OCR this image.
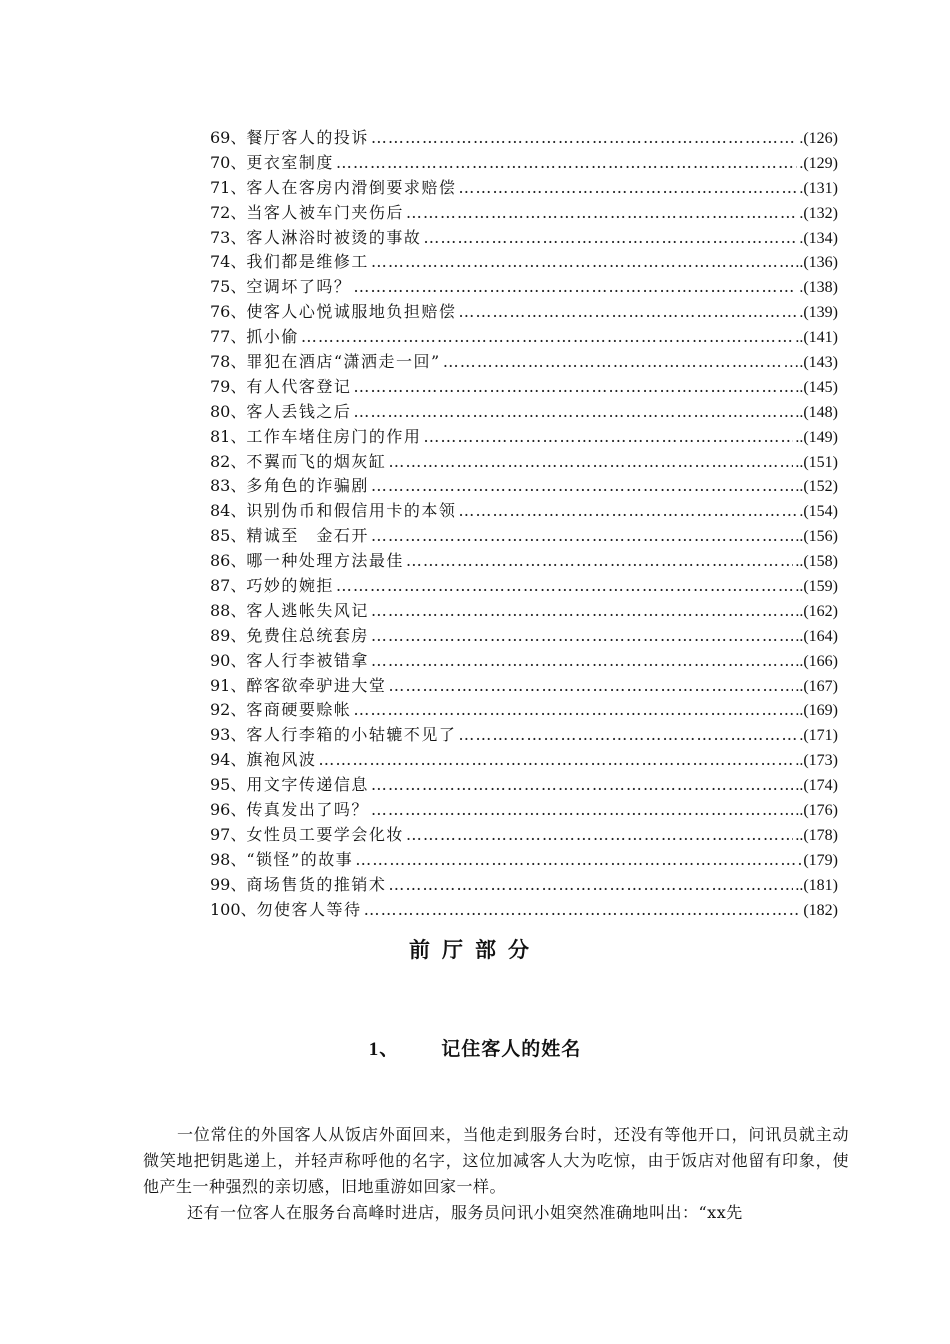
69、 餐厅客人的投诉 ……………………………………………………………………………………………………………………………………………………………	.(126)
70、 更衣室制度 ……………………………………………………………………………………………………………………………………………………………	.(129)
71、 客人在客房内滑倒要求赔偿 ……………………………………………………………………………………………………………………………………………………………	.(131)
72、 当客人被车门夹伤后 ……………………………………………………………………………………………………………………………………………………………	.(132)
73、 客人淋浴时被烫的事故 ……………………………………………………………………………………………………………………………………………………………	.(134)
74、 我们都是维修工 ……………………………………………………………………………………………………………………………………………………………	..(136)
75、 空调坏了吗？ ……………………………………………………………………………………………………………………………………………………………	.(138)
76、 使客人心悦诚服地负担赔偿 ……………………………………………………………………………………………………………………………………………………………	.(139)
77、 抓小偷 ……………………………………………………………………………………………………………………………………………………………	..(141)
78、 罪犯在酒店“潇洒走一回” ……………………………………………………………………………………………………………………………………………………………	….(143)
79、 有人代客登记 ……………………………………………………………………………………………………………………………………………………………	..(145)
80、 客人丢钱之后 ……………………………………………………………………………………………………………………………………………………………	..(148)
81、 工作车堵住房门的作用 ……………………………………………………………………………………………………………………………………………………………	..(149)
82、 不翼而飞的烟灰缸 ……………………………………………………………………………………………………………………………………………………………	..(151)
83、 多角色的诈骗剧 ……………………………………………………………………………………………………………………………………………………………	..(152)
84、 识别伪币和假信用卡的本领 ……………………………………………………………………………………………………………………………………………………………	.(154)
85、 精诚至　金石开 ……………………………………………………………………………………………………………………………………………………………	..(156)
86、 哪一种处理方法最佳 ……………………………………………………………………………………………………………………………………………………………	..(158)
87、 巧妙的婉拒 ……………………………………………………………………………………………………………………………………………………………	..(159)
88、 客人逃帐失风记 ……………………………………………………………………………………………………………………………………………………………	..(162)
89、 免费住总统套房 ……………………………………………………………………………………………………………………………………………………………	..(164)
90、 客人行李被错拿 ……………………………………………………………………………………………………………………………………………………………	..(166)
91、 醉客欲牵驴进大堂 ……………………………………………………………………………………………………………………………………………………………	..(167)
92、 客商硬要赊帐 ……………………………………………………………………………………………………………………………………………………………	..(169)
93、 客人行李箱的小轱辘不见了 ……………………………………………………………………………………………………………………………………………………………	.(171)
94、 旗袍风波 ……………………………………………………………………………………………………………………………………………………………	..(173)
95、 用文字传递信息 ……………………………………………………………………………………………………………………………………………………………	..(174)
96、 传真发出了吗？ ……………………………………………………………………………………………………………………………………………………………	..(176)
97、 女性员工要学会化妆 ……………………………………………………………………………………………………………………………………………………………	..(178)
98、 “锁怪”的故事 ……………………………………………………………………………………………………………………………………………………………	(179)
99、 商场售货的推销术 ……………………………………………………………………………………………………………………………………………………………	..(181)
100、 勿使客人等待 ……………………………………………………………………………………………………………………………………………………………	(182)
前厅部分
1、 记住客人的姓名

一位常住的外国客人从饭店外面回来，当他走到服务台时，还没有等他开口，问讯员就主动微笑地把钥匙递上，并轻声称呼他的名字，这位加减客人大为吃惊，由于饭店对他留有印象，使他产生一种强烈的亲切感，旧地重游如回家一样。

还有一位客人在服务台高峰时进店，服务员问讯小姐突然准确地叫出：“xx先
